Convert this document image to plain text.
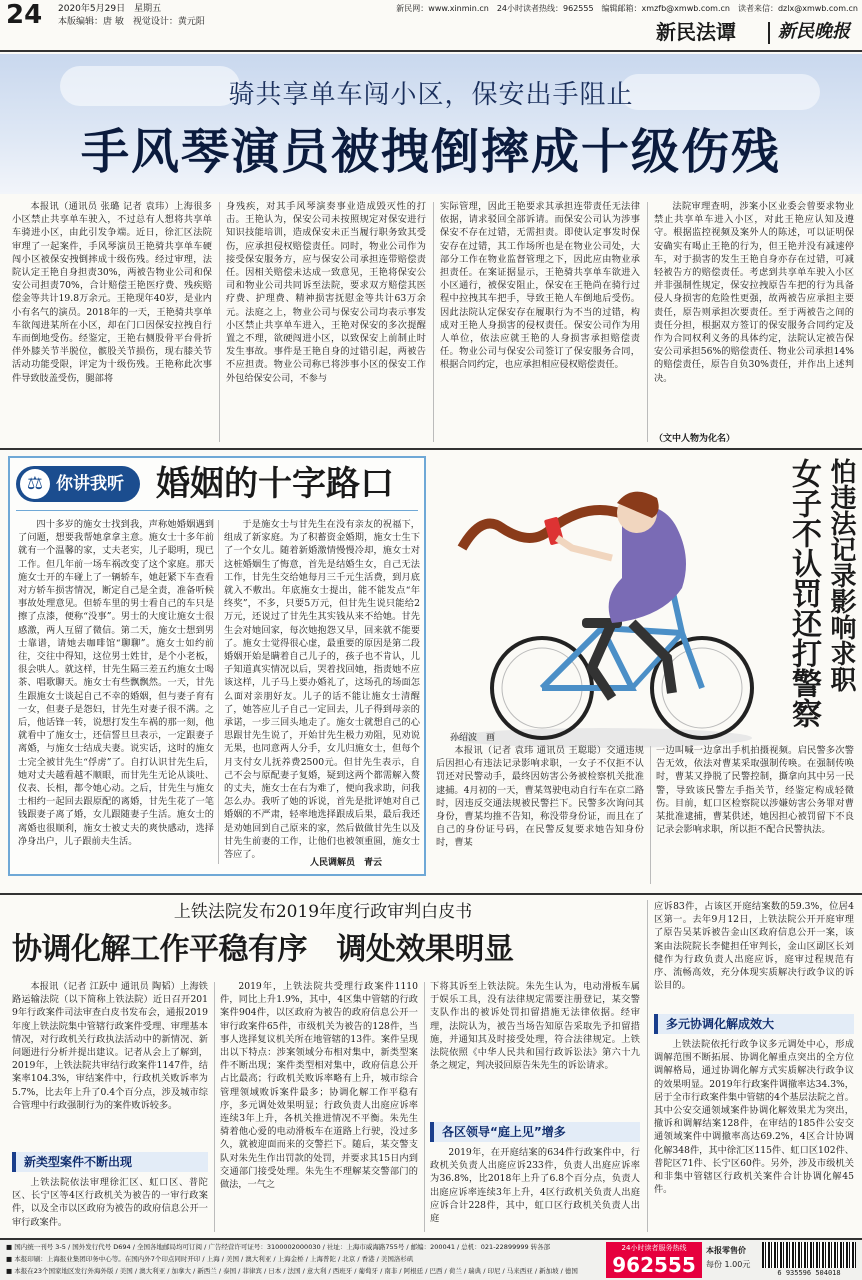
24 2020年5月29日　星期五
本版编辑：唐 敏　视觉设计：黄元阳
新民网：www.xinmin.cn　24小时读者热线：962555　编辑邮箱：xmzfb@xmwb.com.cn　读者来信：dzlx@xmwb.com.cn
新民法谭 新民晚报
骑共享单车闯小区，保安出手阻止
手风琴演员被拽倒摔成十级伤残
本报讯（通讯员 张璐 记者 袁玮）上海很多小区禁止共享单车驶入，不过总有人想将共享单车骑进小区，由此引发争端。近日，徐汇区法院审理了一起案件，手风琴演员王艳骑共享单车硬闯小区被保安拽倒摔成十级伤残。经过审理，法院认定王艳自身担责30%，两被告物业公司和保安公司担责70%，合计赔偿王艳医疗费、残疾赔偿金等共计19.8万余元。王艳现年40岁，是业内小有名气的演员。2018年的一天，王艳骑共享单车欲闯进某所在小区，却在门口因保安拉拽自行车而倒地受伤。经鉴定，王艳右侧股骨平台骨折伴外膝关节半脱位，髌股关节损伤，现右膝关节活动功能受限，评定为十级伤残。王艳称此次事件导致肢盖受伤，腿部将
身残疾，对其手风琴演奏事业造成毁灭性的打击。王艳认为，保安公司未按照规定对保安进行知识技能培训，造成保安未正当履行职务致其受伤，应承担侵权赔偿责任。同时，物业公司作为接受保安服务方，应与保安公司承担连带赔偿责任。因相关赔偿未达成一致意见，王艳将保安公司和物业公司共同诉至法院，要求双方赔偿其医疗费、护理费、精神损害抚慰金等共计63万余元。法庭之上，物业公司与保安公司均表示事发小区禁止共享单车进入，王艳对保安的多次提醒置之不理，欲硬闯进小区，以致保安上前制止时发生事故。事件是王艳自身的过错引起，两被告不应担责。物业公司称已将涉事小区的保安工作外包给保安公司，不参与
实际管理，因此王艳要求其承担连带责任无法律依据，请求驳回全部诉请。而保安公司认为涉事保安不存在过错，无需担责。即使认定事发时保安存在过错，其工作场所也是在物业公司处，大部分工作在物业监督管理之下，因此应由物业承担责任。在案证据显示，王艳骑共享单车欲进入小区通行，被保安阻止，保安在王艳尚在骑行过程中拉拽其车把手，导致王艳人车倒地后受伤。因此法院认定保安存在履职行为不当的过错，构成对王艳人身损害的侵权责任。保安公司作为用人单位，依法应就王艳的人身损害承担赔偿责任。物业公司与保安公司签订了保安服务合同，根据合同约定，也应承担相应侵权赔偿责任。
法院审理查明，涉案小区业委会曾要求物业禁止共享单车进入小区，对此王艳应认知及遵守。根据监控视频及案外人的陈述，可以证明保安确实有喝止王艳的行为，但王艳并没有减速停车，对于损害的发生王艳自身亦存在过错，可减轻被告方的赔偿责任。考虑到共享单车驶入小区并非强制性规定，保安拉拽原告车把的行为具备侵人身损害的危险性更强，故两被告应承担主要责任，原告则承担次要责任。至于两被告之间的责任分担，根据双方签订的保安服务合同约定及作为合同权利义务的具体约定，法院认定被告保安公司承担56%的赔偿责任、物业公司承担14%的赔偿责任，原告自负30%责任，并作出上述判决。
（文中人物为化名）
⚖ 你讲我听 婚姻的十字路口
四十多岁的施女士找到我，声称她婚姻遇到了问题，想要我帮她拿拿主意。施女士十多年前就有一个温馨的家，丈夫老实，儿子聪明，现已工作。但几年前一场车祸改变了这个家庭。那天施女士开的车碰上了一辆轿车，她赶紧下车查看对方轿车损害情况，断定自己是全责，准备听候事故处理意见。但轿车里的男士看自己的车只是擦了点漆，便称“没事”。男士的大度让施女士很感激，两人互留了微信。第二天，施女士想到男士靠谱，请她去咖啡馆“聊聊”。施女士如约前往，交往中得知，这位男士姓甘，是个小老板，很会哄人。就这样，甘先生隔三差五约施女士喝茶、唱歌聊天。施女士有些飘飘然。一天，甘先生跟施女士谈起自己不幸的婚姻，但与妻子育有一女，但妻子是怨妇，甘先生对妻子很不满。之后，他话锋一转，说想打发生车祸的那一刻，他就看中了施女士，还信誓旦旦表示，一定跟妻子离婚，与施女士结成夫妻。说实话，这时的施女士完全被甘先生“俘虏”了。自打认识甘先生后，她对丈夫越看越不顺眼，而甘先生无论从谈吐、仪表、长相，都令她心动。之后，甘先生与施女士相约一起回去跟原配的离婚，甘先生花了一笔钱跟妻子离了婚，女儿跟随妻子生活。施女士的离婚也很顺利，施女士被丈夫的爽快感动，选择净身出户，儿子跟前夫生活。
于是施女士与甘先生在没有亲友的祝福下，组成了新家庭。为了积蓄资金婚期，施女士生下了一个女儿。随着新婚激情慢慢冷却，施女士对这桩婚姻生了悔意，首先是结婚生女，自己无法工作，甘先生交给她每月三千元生活费，到月底就入不敷出。年底施女士提出，能不能发点“年终奖”，不多，只要5万元，但甘先生说只能给2万元，还说过了甘先生其实钱从来不给她。甘先生会对她回家，每次她抱怨又早，回来就不能要了。施女士觉得很心虚，最重要的原因是第二段婚姻开始是瞒着自己儿子的，孩子也不肯认，儿子知道真实情况以后，哭着找回她，指责她不应该这样，儿子马上要办婚礼了，这场孔的场面怎么面对亲朋好友。儿子的话不能让施女士清醒了，她答应儿子自己一定回去，儿子得到母亲的承诺，一步三回头地走了。施女士就想自己的心思跟甘先生说了，开始甘先生极力劝阻，见劝说无果，也同意两人分手，女儿归施女士，但每个月支付女儿抚养费2500元。但甘先生表示，自己不会与原配妻子复婚，疑到这两个都需解入赘的丈夫，施女士在右为难了，便向我求助，问我怎么办。我听了她的诉说，首先是批评她对自己婚姻的不严肃，轻率地选择跟成后果，最后我还是劝她回到自己原来的家，然后做做甘先生以及甘先生前妻的工作，让他们也被领重圆，施女士答应了。
人民调解员　青云
女子不认罚还打警察 怕违法记录影响求职
孙绍波　画
本报讯（记者 袁玮 通讯员 王聪聪）交通违规后因担心有违法记录影响求职，一女子不仅拒不认罚还对民警动手，最终因妨害公务被检察机关批准逮捕。4月初的一天，曹某驾驶电动自行车在京二路时，因违反交通法规被民警拦下。民警多次询问其身份，曹某均推不告知，称没带身份证，而且在了自己的身份证号码，在民警反复要求她告知身份时，曹某
一边叫喊一边拿出手机拍摄视频。启民警多次警告无效，依法对曹某采取强制传唤。在强制传唤时，曹某又挣脱了民警控制，撕拿向其中另一民警，导致该民警左手指关节，经鉴定构成轻微伤。目前，虹口区检察院以涉嫌妨害公务罪对曹某批准逮捕，曹某供述，她因担心被罚留下不良记录会影响求职，所以拒不配合民警执法。
上铁法院发布2019年度行政审判白皮书
协调化解工作平稳有序　调处效果明显
本报讯（记者 江跃中 通讯员 陶韬）上海铁路运输法院（以下简称上铁法院）近日召开2019年行政案件司法审查白皮书发布会，通报2019年度上铁法院集中管辖行政案件受理、审理基本情况，对行政机关行政执法活动中的新情况、新问题进行分析并提出建议。记者从会上了解到，2019年，上铁法院共审结行政案件1147件，结案率104.3%，审结案件中，行政机关败诉率为5.7%，比去年上升了0.4个百分点，涉及城市综合管理中行政强制行为的案件败诉较多。
新类型案件不断出现
上铁法院依法审理徐汇区、虹口区、普陀区、长宁区等4区行政机关为被告的一审行政案件，以及全市以区政府为被告的政府信息公开一审行政案件。
2019年，上铁法院共受理行政案件1110件，同比上升1.9%，其中，4区集中管辖的行政案件904件，以区政府为被告的政府信息公开一审行政案件65件，市级机关为被告的128件，当事人选择复议机关所在地管辖的13件。案件呈现出以下特点：涉案领域分布相对集中，新类型案件不断出现；案件类型相对集中，政府信息公开占比最高；行政机关败诉率略有上升，城市综合管理领域败诉案件最多；协调化解工作平稳有序，多元调处效果明显；行政负责人出庭应诉率连续3年上升，各机关推进情况不平衡。朱先生骑着他心爱的电动滑板车在道路上行驶，没过多久，就被迎面而来的交警拦下。随后，某交警支队对朱先生作出罚款的处罚，并要求其15日内到交通部门接受处理。朱先生不理解某交警部门的做法，一气之
下将其诉至上铁法院。朱先生认为，电动滑板车属于娱乐工具，没有法律规定需要注册登记，某交警支队作出的被诉处罚扣留措施无法律依据。经审理，法院认为，被告当场告知原告采取先予扣留措施，并通知其及时接受处理，符合法律规定。上铁法院依照《中华人民共和国行政诉讼法》第六十九条之规定，判决驳回原告朱先生的诉讼请求。
各区领导“庭上见”增多
2019年，在开庭结案的634件行政案件中，行政机关负责人出庭应诉233件，负责人出庭应诉率为36.8%，比2018年上升了6.8个百分点，负责人出庭应诉率连续3年上升，4区行政机关负责人出庭应诉合计228件，其中，虹口区行政机关负责人出庭
应诉83件，占该区开庭结案数的59.3%，位居4区第一。去年9月12日，上铁法院公开开庭审理了原告吴某诉被告金山区政府信息公开一案，该案由法院院长李健担任审判长，金山区副区长刘健作为行政负责人出庭应诉，庭审过程规范有序、流畅高效，充分体现实质解决行政争议的诉讼目的。
多元协调化解成效大
上铁法院依托行政争议多元调处中心，形成调解范围不断拓展、协调化解重点突出的全方位调解格局，通过协调化解方式实质解决行政争议的效果明显。2019年行政案件调撤率达34.3%，居于全市行政案件集中管辖的4个基层法院之首。其中公安交通领域案件协调化解效果尤为突出，撤诉和调解结案128件，在审结的185件公安交通领域案件中调撤率高达69.2%，4区合计协调化解348件，其中徐汇区115件、虹口区102件、普陀区71件、长宁区60件。另外，涉及市级机关和非集中管辖区行政机关案件合计协调化解45件。
■ 国内统一刊号 3-5 / 国外发行代号 D694 / 全国各地邮局均可订阅 / 广告经营许可证号：3100002000030 / 社址：上海市威海路755号 / 邮编：200041 / 总机：021-22899999 转各部
■ 本报印刷：上海报业集团印务中心等。在国内外7个印点同时开印 / 上海 / 美国 / 澳大利亚 / 上海金桥 / 上海普陀 / 北京 / 香港 / 美国洛杉矶
■ 本报在23个国家地区发行外海外版 / 美国 / 澳大利亚 / 加拿大 / 新西兰 / 泰国 / 菲律宾 / 日本 / 法国 / 意大利 / 西班牙 / 葡萄牙 / 南非 / 阿根廷 / 巴西 / 荷兰 / 瑞典 / 印尼 / 马来西亚 / 新加坡 / 德国
24小时读者服务热线
962555
本报零售价
每份 1.00元
6 935596 504018
